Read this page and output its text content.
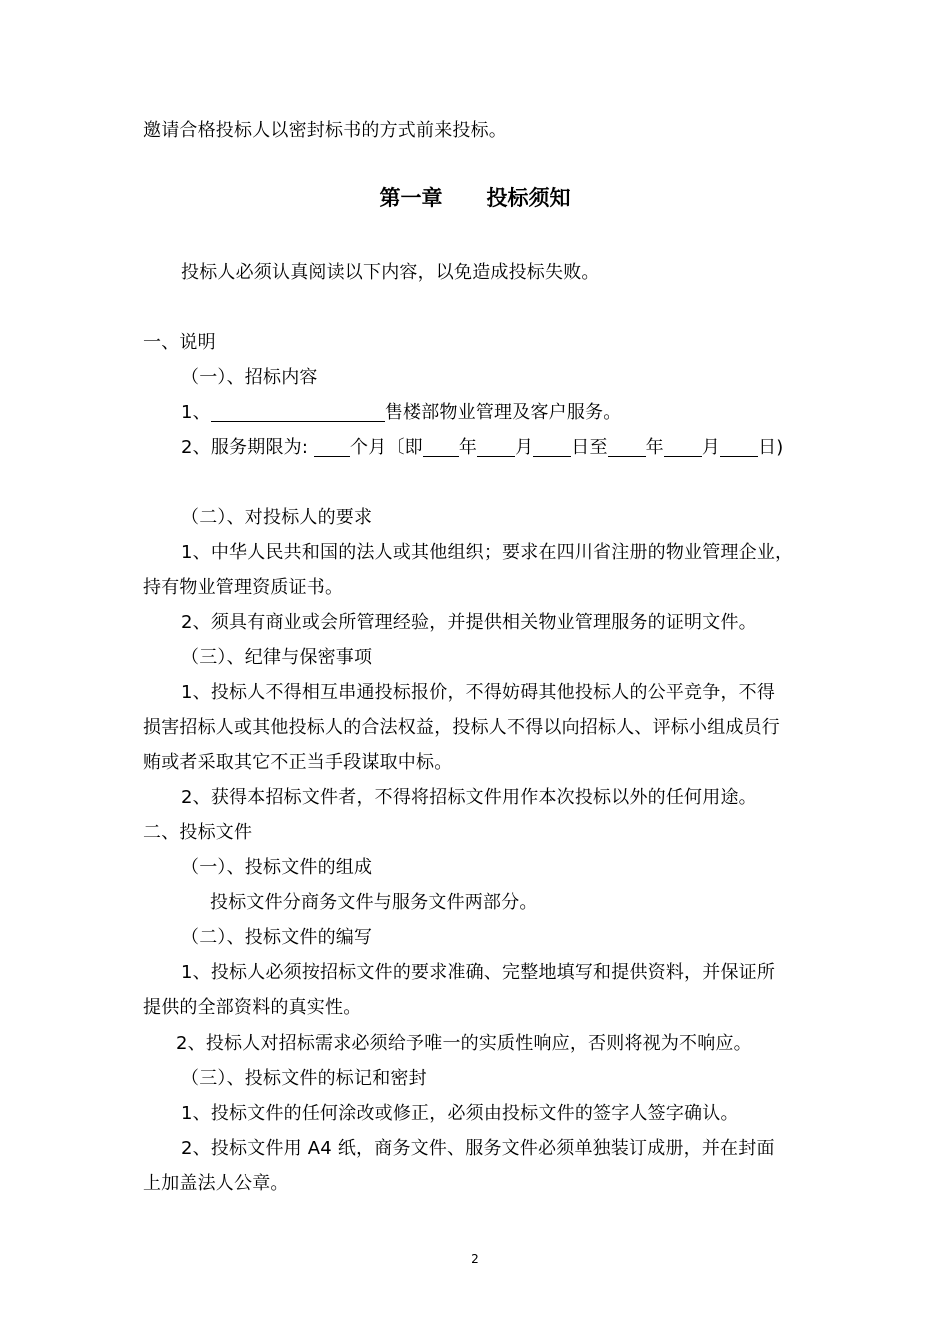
邀请合格投标人以密封标书的方式前来投标。
第一章 投标须知
投标人必须认真阅读以下内容，以免造成投标失败。
一、说明
（一）、招标内容
1、	售楼部物业管理及客户服务。
2、服务期限为: 个月〔即 年 月 日至 年 月 日)
（二）、对投标人的要求
1、中华人民共和国的法人或其他组织；要求在四川省注册的物业管理企业，
持有物业管理资质证书。
2、须具有商业或会所管理经验，并提供相关物业管理服务的证明文件。
（三）、纪律与保密事项
1、投标人不得相互串通投标报价，不得妨碍其他投标人的公平竞争，不得
损害招标人或其他投标人的合法权益，投标人不得以向招标人、评标小组成员行
贿或者采取其它不正当手段谋取中标。
2、获得本招标文件者，不得将招标文件用作本次投标以外的任何用途。
二、投标文件
（一）、投标文件的组成
投标文件分商务文件与服务文件两部分。
（二）、投标文件的编写
1、投标人必须按招标文件的要求准确、完整地填写和提供资料，并保证所
提供的全部资料的真实性。
2、投标人对招标需求必须给予唯一的实质性响应，否则将视为不响应。
（三）、投标文件的标记和密封
1、投标文件的任何涂改或修正，必须由投标文件的签字人签字确认。
2、投标文件用 A4 纸，商务文件、服务文件必须单独装订成册，并在封面
上加盖法人公章。
2
